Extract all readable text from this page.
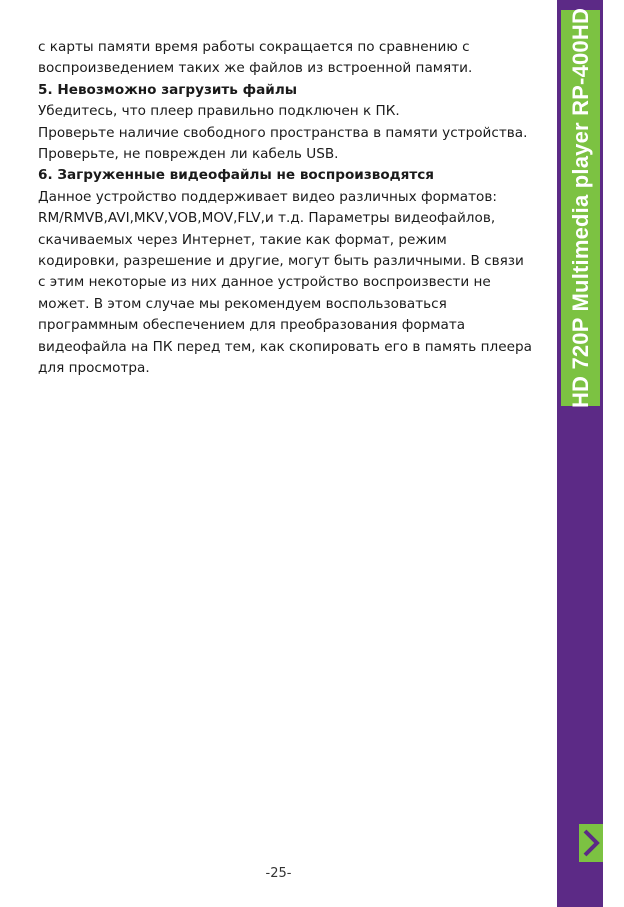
с карты памяти время работы сокращается по сравнению с

воспроизведением таких же файлов из встроенной памяти.

5. Невозможно загрузить файлы

Убедитесь, что плеер правильно подключен к ПК.

Проверьте наличие свободного пространства в памяти устройства.

Проверьте, не поврежден ли кабель USB.

6. Загруженные видеофайлы не воспроизводятся

Данное устройство поддерживает видео различных форматов:

RM/RMVB,AVI,MKV,VOB,MOV,FLV,и т.д. Параметры видеофайлов,

скачиваемых через Интернет, такие как формат, режим

кодировки, разрешение и другие, могут быть различными. В связи

с этим некоторые из них данное устройство воспроизвести не

может. В этом случае мы рекомендуем воспользоваться

программным обеспечением для преобразования формата

видеофайла на ПК перед тем, как скопировать его в память плеера

для просмотра.	HD 720P Multimedia player RP-400HD
-25-
